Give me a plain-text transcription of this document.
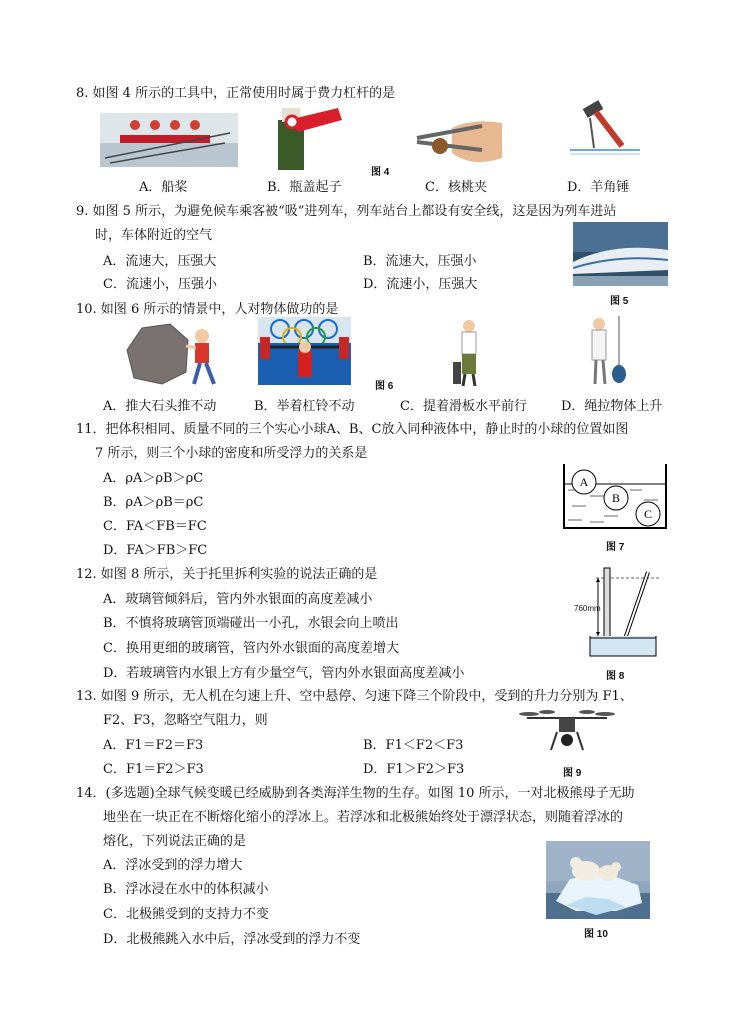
8. 如图 4 所示的工具中，正常使用时属于费力杠杆的是
图 4
A．船桨	B．瓶盖起子	C．核桃夹	D．羊角锤
9. 如图 5 所示，为避免候车乘客被“吸”进列车，列车站台上都设有安全线，这是因为列车进站
时，车体附近的空气
A．流速大，压强大	B．流速大，压强小
C．流速小，压强小	D．流速小，压强大
图 5
10. 如图 6 所示的情景中，人对物体做功的是
图 6
A．推大石头推不动	B．举着杠铃不动	C．提着滑板水平前行	D．绳拉物体上升
11．把体积相同、质量不同的三个实心小球A、B、C放入同种液体中，静止时的小球的位置如图
7 所示，则三个小球的密度和所受浮力的关系是
A．ρA＞ρB＞ρC
B．ρA＞ρB＝ρC
C．FA＜FB＝FC
D．FA＞FB＞FC
A
B
C
图 7
12. 如图 8 所示，关于托里拆利实验的说法正确的是
A．玻璃管倾斜后，管内外水银面的高度差减小
B．不慎将玻璃管顶端碰出一小孔，水银会向上喷出
C．换用更细的玻璃管，管内外水银面的高度差增大
D．若玻璃管内水银上方有少量空气，管内外水银面高度差减小
760mm
图 8
13. 如图 9 所示，无人机在匀速上升、空中悬停、匀速下降三个阶段中，受到的升力分别为 F1、
F2、F3，忽略空气阻力，则
A．F1＝F2＝F3	B．F1＜F2＜F3
C．F1＝F2＞F3	D．F1＞F2＞F3	图 9
14．(多选题)全球气候变暖已经威胁到各类海洋生物的生存。如图 10 所示，一对北极熊母子无助
地坐在一块正在不断熔化缩小的浮冰上。若浮冰和北极熊始终处于漂浮状态，则随着浮冰的
熔化，下列说法正确的是
A．浮冰受到的浮力增大
B．浮冰浸在水中的体积减小
C．北极熊受到的支持力不变
D．北极熊跳入水中后，浮冰受到的浮力不变	图 10
